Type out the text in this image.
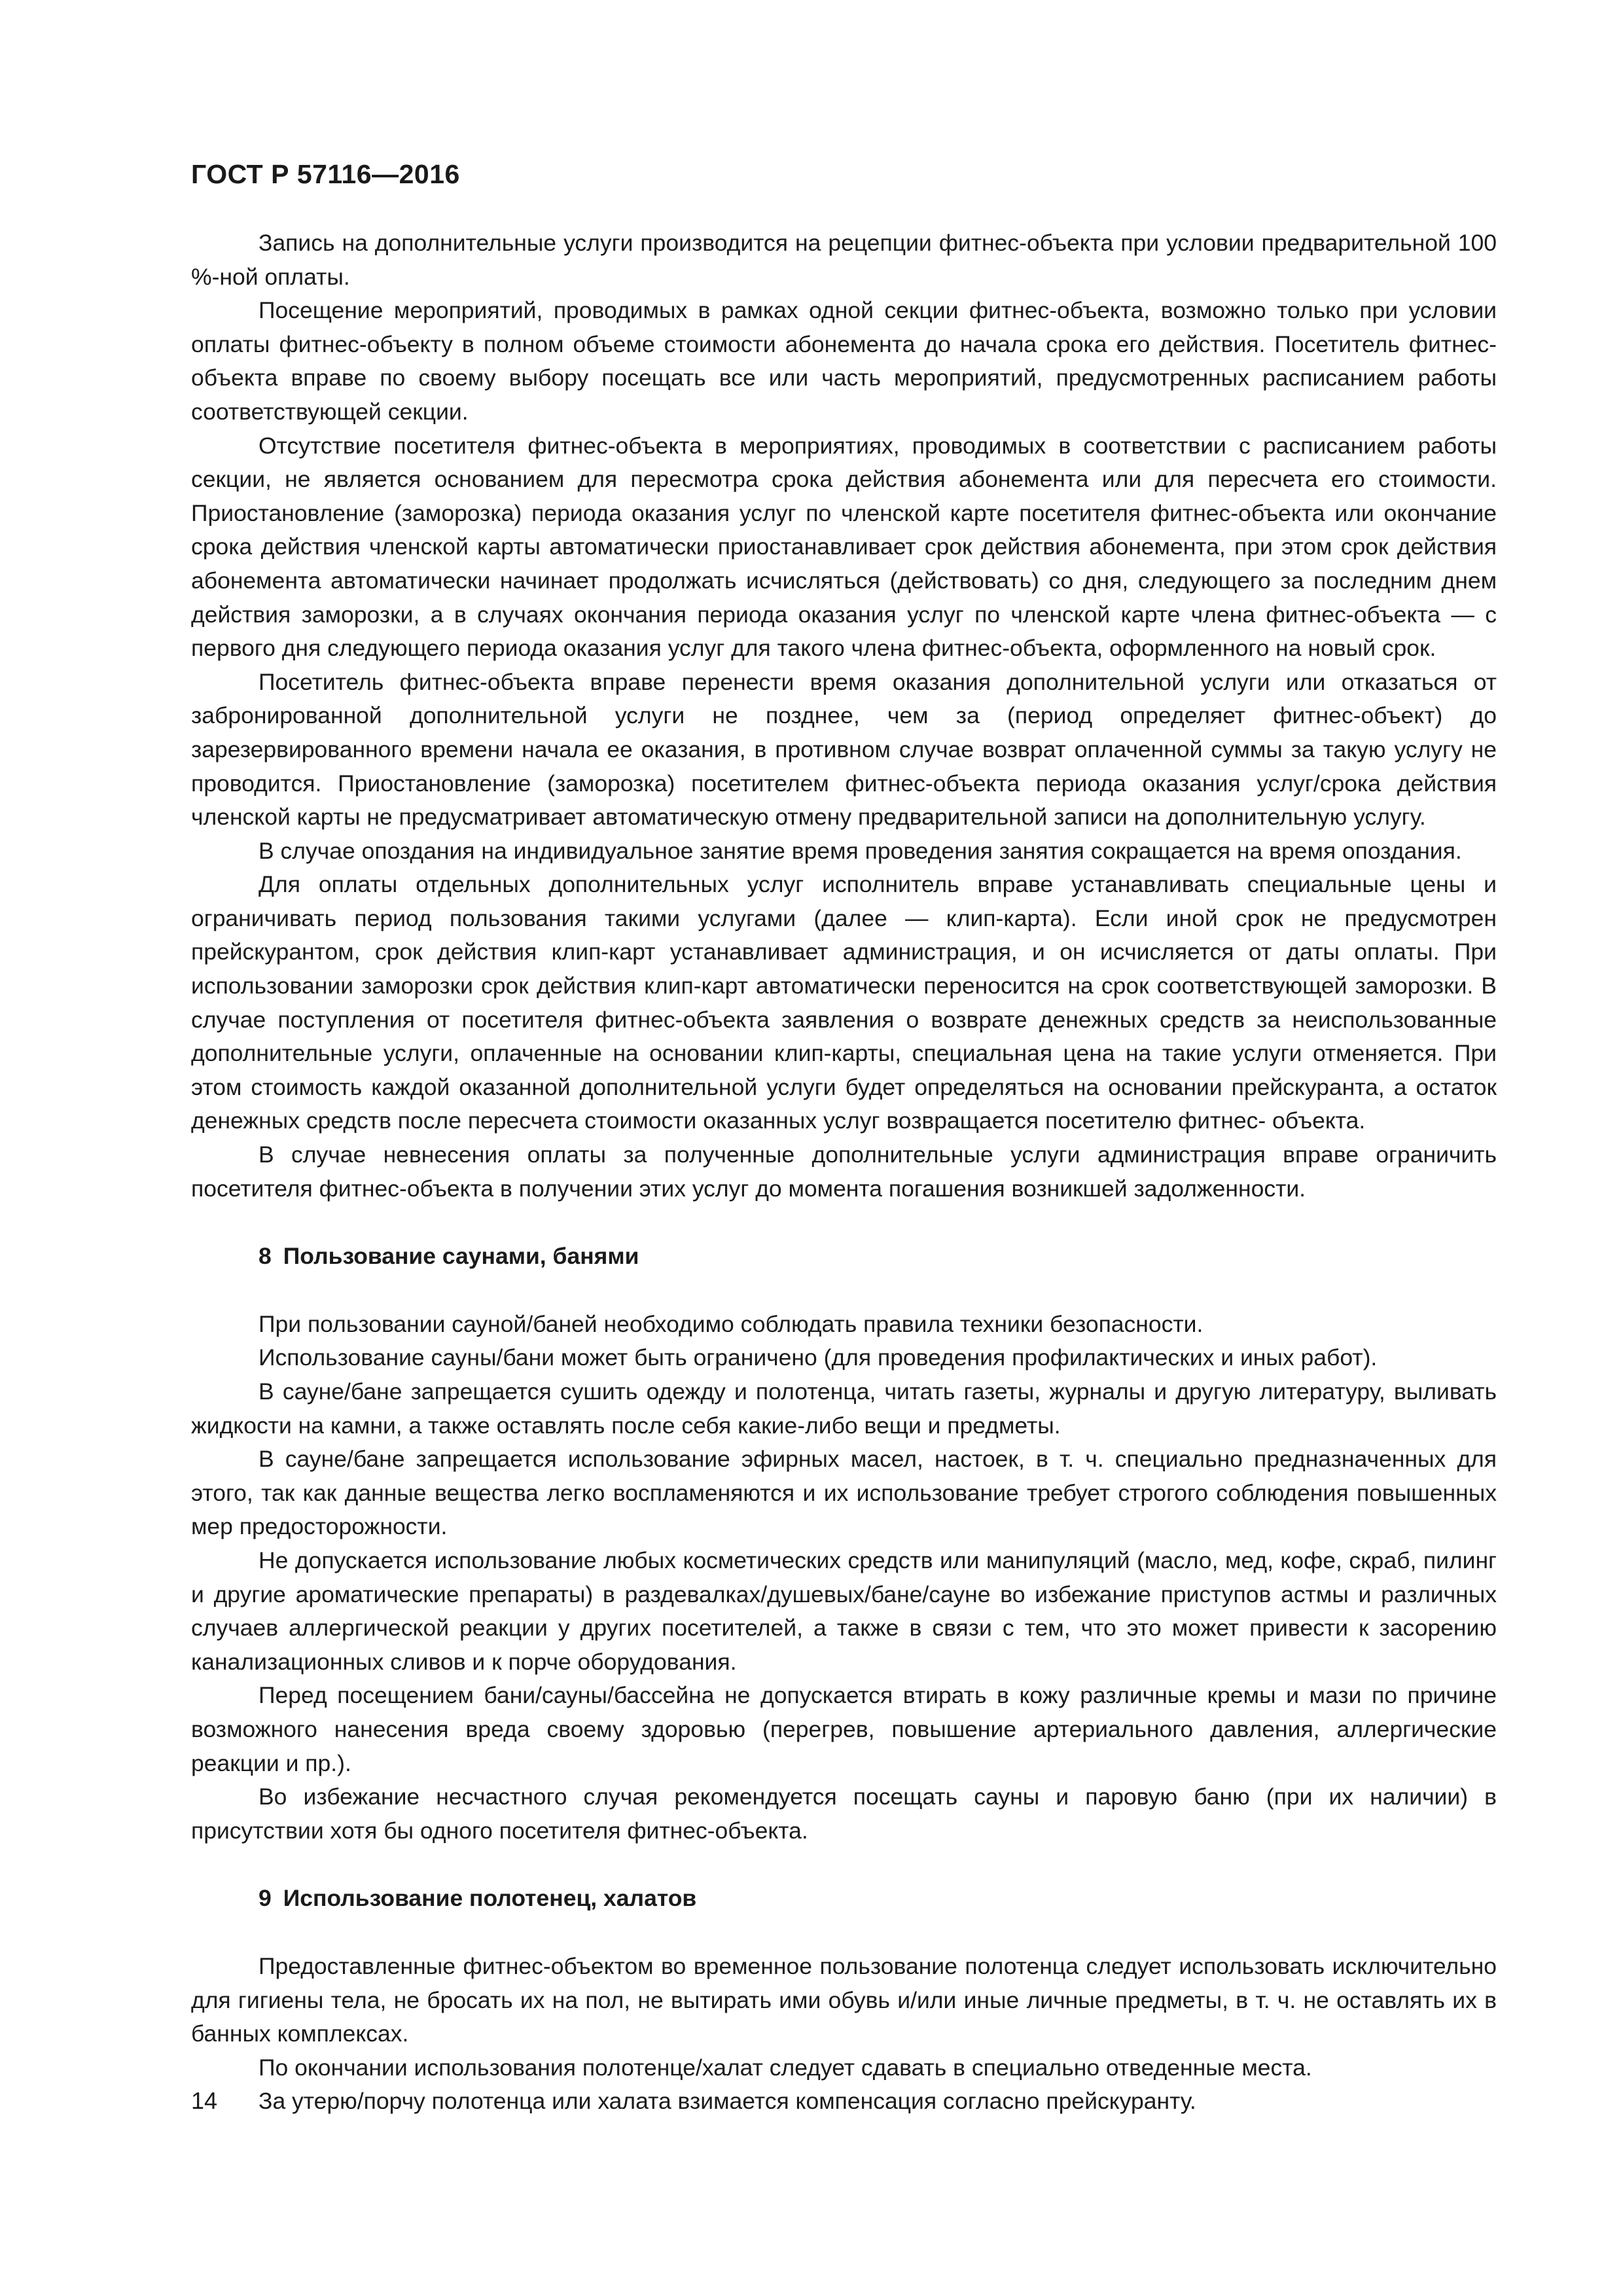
ГОСТ Р 57116—2016

Запись на дополнительные услуги производится на рецепции фитнес-объекта при условии предварительной 100 %-ной оплаты.

Посещение мероприятий, проводимых в рамках одной секции фитнес-объекта, возможно только при условии оплаты фитнес-объекту в полном объеме стоимости абонемента до начала срока его действия. Посетитель фитнес-объекта вправе по своему выбору посещать все или часть мероприятий, предусмотренных расписанием работы соответствующей секции.

Отсутствие посетителя фитнес-объекта в мероприятиях, проводимых в соответствии с расписанием работы секции, не является основанием для пересмотра срока действия абонемента или для пересчета его стоимости. Приостановление (заморозка) периода оказания услуг по членской карте посетителя фитнес-объекта или окончание срока действия членской карты автоматически приостанавливает срок действия абонемента, при этом срок действия абонемента автоматически начинает продолжать исчисляться (действовать) со дня, следующего за последним днем действия заморозки, а в случаях окончания периода оказания услуг по членской карте члена фитнес-объекта — с первого дня следующего периода оказания услуг для такого члена фитнес-объекта, оформленного на новый срок.

Посетитель фитнес-объекта вправе перенести время оказания дополнительной услуги или отказаться от забронированной дополнительной услуги не позднее, чем за (период определяет фитнес-объект) до зарезервированного времени начала ее оказания, в противном случае возврат оплаченной суммы за такую услугу не проводится. Приостановление (заморозка) посетителем фитнес-объекта периода оказания услуг/срока действия членской карты не предусматривает автоматическую отмену предварительной записи на дополнительную услугу.

В случае опоздания на индивидуальное занятие время проведения занятия сокращается на время опоздания.

Для оплаты отдельных дополнительных услуг исполнитель вправе устанавливать специальные цены и ограничивать период пользования такими услугами (далее — клип-карта). Если иной срок не предусмотрен прейскурантом, срок действия клип-карт устанавливает администрация, и он исчисляется от даты оплаты. При использовании заморозки срок действия клип-карт автоматически переносится на срок соответствующей заморозки. В случае поступления от посетителя фитнес-объекта заявления о возврате денежных средств за неиспользованные дополнительные услуги, оплаченные на основании клип-карты, специальная цена на такие услуги отменяется. При этом стоимость каждой оказанной дополнительной услуги будет определяться на основании прейскуранта, а остаток денежных средств после пересчета стоимости оказанных услуг возвращается посетителю фитнес- объекта.

В случае невнесения оплаты за полученные дополнительные услуги администрация вправе ограничить посетителя фитнес-объекта в получении этих услуг до момента погашения возникшей задолженности.

8 Пользование саунами, банями

При пользовании сауной/баней необходимо соблюдать правила техники безопасности.

Использование сауны/бани может быть ограничено (для проведения профилактических и иных работ).

В сауне/бане запрещается сушить одежду и полотенца, читать газеты, журналы и другую литературу, выливать жидкости на камни, а также оставлять после себя какие-либо вещи и предметы.

В сауне/бане запрещается использование эфирных масел, настоек, в т. ч. специально предназначенных для этого, так как данные вещества легко воспламеняются и их использование требует строгого соблюдения повышенных мер предосторожности.

Не допускается использование любых косметических средств или манипуляций (масло, мед, кофе, скраб, пилинг и другие ароматические препараты) в раздевалках/душевых/бане/сауне во избежание приступов астмы и различных случаев аллергической реакции у других посетителей, а также в связи с тем, что это может привести к засорению канализационных сливов и к порче оборудования.

Перед посещением бани/сауны/бассейна не допускается втирать в кожу различные кремы и мази по причине возможного нанесения вреда своему здоровью (перегрев, повышение артериального давления, аллергические реакции и пр.).

Во избежание несчастного случая рекомендуется посещать сауны и паровую баню (при их наличии) в присутствии хотя бы одного посетителя фитнес-объекта.

9 Использование полотенец, халатов

Предоставленные фитнес-объектом во временное пользование полотенца следует использовать исключительно для гигиены тела, не бросать их на пол, не вытирать ими обувь и/или иные личные предметы, в т. ч. не оставлять их в банных комплексах.

По окончании использования полотенце/халат следует сдавать в специально отведенные места.

За утерю/порчу полотенца или халата взимается компенсация согласно прейскуранту.

14
